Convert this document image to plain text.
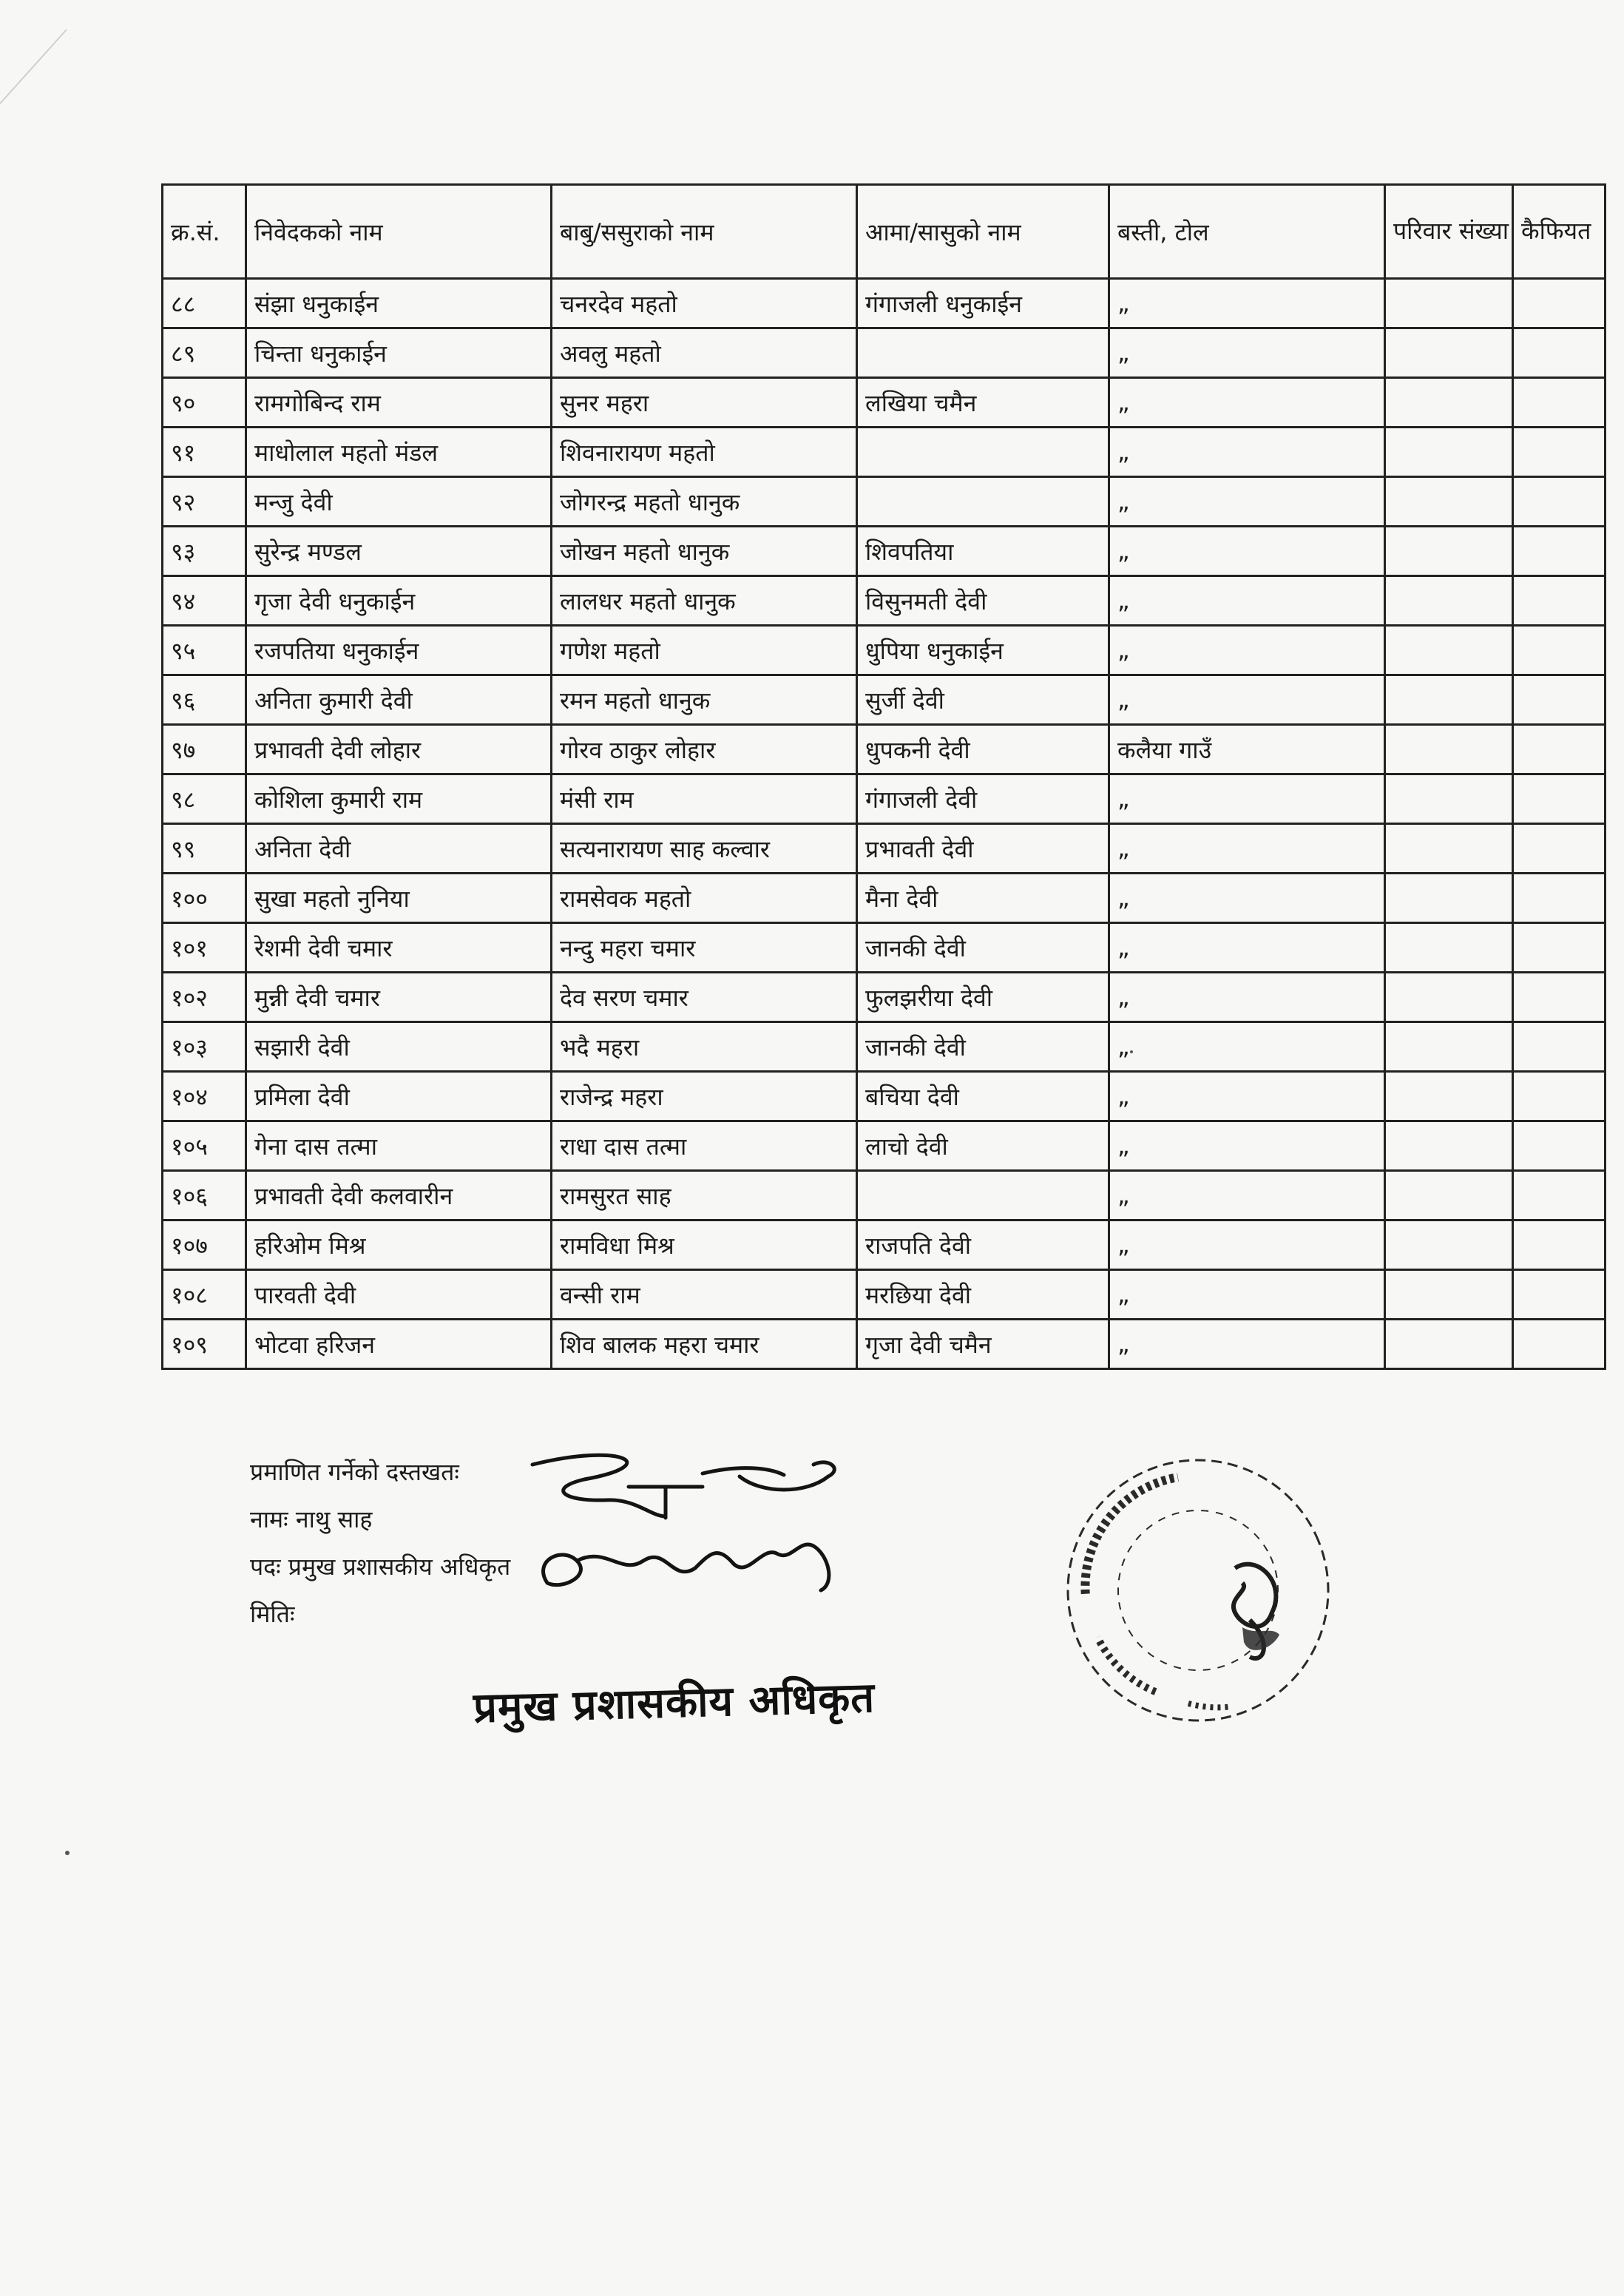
क्र.सं.	निवेदकको नाम	बाबु/ससुराको नाम	आमा/सासुको नाम	बस्ती, टोल	परिवार संख्या	कैफियत
८८	संझा धनुकाईन	चनरदेव महतो	गंगाजली धनुकाईन	„		
८९	चिन्ता धनुकाईन	अवलु महतो		„		
९०	रामगोबिन्द राम	सुनर महरा	लखिया चमैन	„		
९१	माधोलाल महतो मंडल	शिवनारायण महतो		„		
९२	मन्जु देवी	जोगरन्द्र महतो धानुक		„		
९३	सुरेन्द्र मण्डल	जोखन महतो धानुक	शिवपतिया	„		
९४	गृजा देवी धनुकाईन	लालधर महतो धानुक	विसुनमती देवी	„		
९५	रजपतिया धनुकाईन	गणेश महतो	धुपिया धनुकाईन	„		
९६	अनिता कुमारी देवी	रमन महतो धानुक	सुर्जी देवी	„		
९७	प्रभावती देवी लोहार	गोरव ठाकुर लोहार	धुपकनी देवी	कलैया गाउँ		
९८	कोशिला कुमारी राम	मंसी राम	गंगाजली देवी	„		
९९	अनिता देवी	सत्यनारायण साह कल्वार	प्रभावती देवी	„		
१००	सुखा महतो नुनिया	रामसेवक महतो	मैना देवी	„		
१०१	रेशमी देवी चमार	नन्दु महरा चमार	जानकी देवी	„		
१०२	मुन्नी देवी चमार	देव सरण चमार	फुलझरीया देवी	„		
१०३	सझारी देवी	भदै महरा	जानकी देवी	„		
१०४	प्रमिला देवी	राजेन्द्र महरा	बचिया देवी	„		
१०५	गेना दास तत्मा	राधा दास तत्मा	लाचो देवी	„		
१०६	प्रभावती देवी कलवारीन	रामसुरत साह		„		
१०७	हरिओम मिश्र	रामविधा मिश्र	राजपति देवी	„		
१०८	पारवती देवी	वन्सी राम	मरछिया देवी	„		
१०९	भोटवा हरिजन	शिव बालक महरा चमार	गृजा देवी चमैन	„		
प्रमाणित गर्नेको दस्तखतः
नामः नाथु साह
पदः प्रमुख प्रशासकीय अधिकृत
मितिः
प्रमुख प्रशासकीय अधिकृत
